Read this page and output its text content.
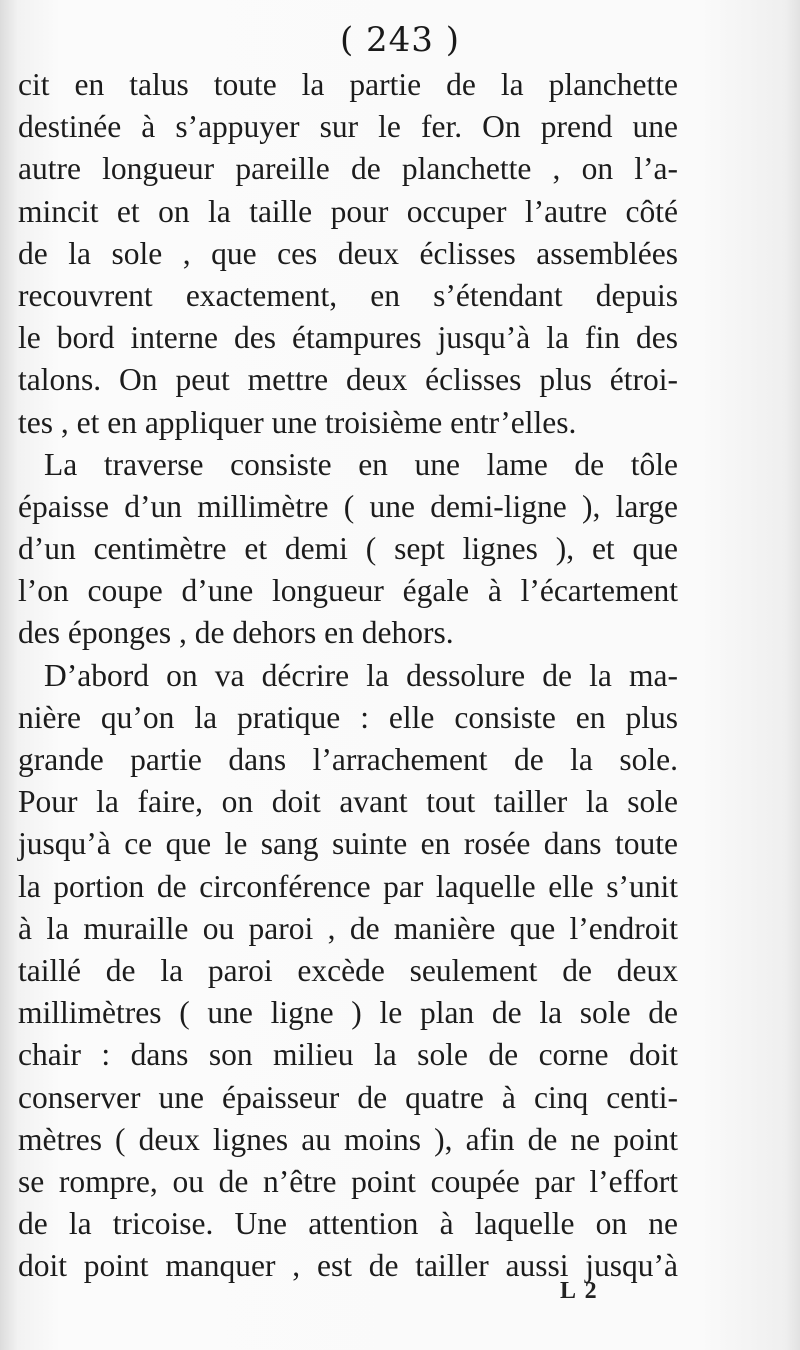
( 243 )
cit en talus toute la partie de la planchette
destinée à s’appuyer sur le fer. On prend une
autre longueur pareille de planchette , on l’a-
mincit et on la taille pour occuper l’autre côté
de la sole , que ces deux éclisses assemblées
recouvrent exactement, en s’étendant depuis
le bord interne des étampures jusqu’à la fin des
talons. On peut mettre deux éclisses plus étroi-
tes , et en appliquer une troisième entr’elles.
La traverse consiste en une lame de tôle
épaisse d’un millimètre ( une demi-ligne ), large
d’un centimètre et demi ( sept lignes ), et que
l’on coupe d’une longueur égale à l’écartement
des éponges , de dehors en dehors.
D’abord on va décrire la dessolure de la ma-
nière qu’on la pratique : elle consiste en plus
grande partie dans l’arrachement de la sole.
Pour la faire, on doit avant tout tailler la sole
jusqu’à ce que le sang suinte en rosée dans toute
la portion de circonférence par laquelle elle s’unit
à la muraille ou paroi , de manière que l’endroit
taillé de la paroi excède seulement de deux
millimètres ( une ligne ) le plan de la sole de
chair : dans son milieu la sole de corne doit
conserver une épaisseur de quatre à cinq centi-
mètres ( deux lignes au moins ), afin de ne point
se rompre, ou de n’être point coupée par l’effort
de la tricoise. Une attention à laquelle on ne
doit point manquer , est de tailler aussi jusqu’à
L 2
